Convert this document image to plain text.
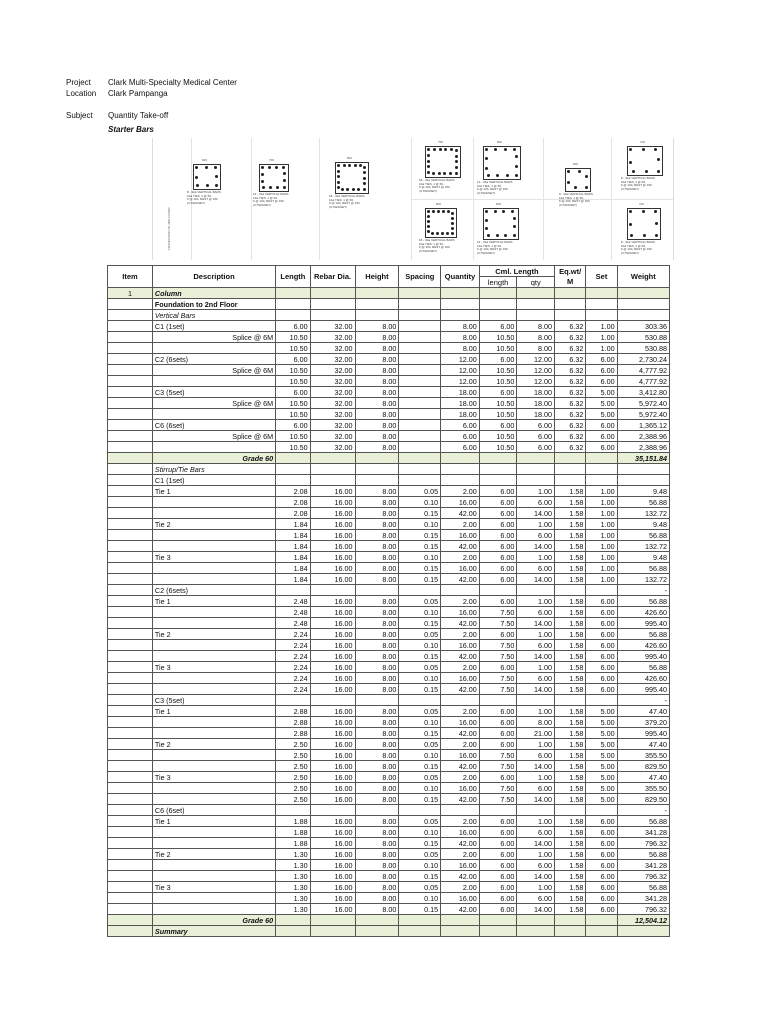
Project Clark Multi-Specialty Medical Center
Location Clark Pampanga
Subject Quantity Take-off
Starter Bars
FOUNDATION TO 2ND FLOOR
600
8 - 32ø VERTICAL BARS
10ø TIES, 1 @ 50,
6 @ 100, REST @ 150
(3-TIES/SET)
700
12 - 32ø VERTICAL BARS
10ø TIES, 1 @ 50,
6 @ 100, REST @ 150
(3-TIES/SET)
800
18 - 32ø VERTICAL BARS
10ø TIES, 1 @ 50,
6 @ 100, REST @ 150
(3-TIES/SET)
750
18 - 32ø VERTICAL BARS
10ø TIES, 1 @ 50,
6 @ 100, REST @ 150
(3-TIES/SET)
800
12 - 32ø VERTICAL BARS
10ø TIES, 1 @ 50,
6 @ 100, REST @ 150
(3-TIES/SET)
500
6 - 32ø VERTICAL BARS
10ø TIES, 1 @ 50,
6 @ 100, REST @ 150
(3-TIES/SET)
700
8 - 32ø VERTICAL BARS
10ø TIES, 1 @ 50,
6 @ 100, REST @ 150
(3-TIES/SET)
800
18 - 32ø VERTICAL BARS
10ø TIES, 1 @ 50,
6 @ 100, REST @ 150
(3-TIES/SET)
800
12 - 32ø VERTICAL BARS
10ø TIES, 1 @ 50,
6 @ 100, REST @ 150
(3-TIES/SET)
700
8 - 32ø VERTICAL BARS
10ø TIES, 1 @ 50,
6 @ 100, REST @ 150
(3-TIES/SET)
Item	Description	Length	Rebar Dia.	Height	Spacing	Quantity	Cml. Length		Eq.wt/
M	Set	Weight
							length	qty			
1	Column										
	Foundation to 2nd Floor										
	Vertical Bars										
	C1 (1set)	6.00	32.00	8.00		8.00	6.00	8.00	6.32	1.00	303.36
	Splice @ 6M	10.50	32.00	8.00		8.00	10.50	8.00	6.32	1.00	530.88
		10.50	32.00	8.00		8.00	10.50	8.00	6.32	1.00	530.88
	C2 (6sets)	6.00	32.00	8.00		12.00	6.00	12.00	6.32	6.00	2,730.24
	Splice @ 6M	10.50	32.00	8.00		12.00	10.50	12.00	6.32	6.00	4,777.92
		10.50	32.00	8.00		12.00	10.50	12.00	6.32	6.00	4,777.92
	C3 (5set)	6.00	32.00	8.00		18.00	6.00	18.00	6.32	5.00	3,412.80
	Splice @ 6M	10.50	32.00	8.00		18.00	10.50	18.00	6.32	5.00	5,972.40
		10.50	32.00	8.00		18.00	10.50	18.00	6.32	5.00	5,972.40
	C6 (6set)	6.00	32.00	8.00		6.00	6.00	6.00	6.32	6.00	1,365.12
	Splice @ 6M	10.50	32.00	8.00		6.00	10.50	6.00	6.32	6.00	2,388.96
		10.50	32.00	8.00		6.00	10.50	6.00	6.32	6.00	2,388.96
	Grade 60										35,151.84
	Stirrup/Tie Bars										
	C1 (1set)										
	Tie 1	2.08	16.00	8.00	0.05	2.00	6.00	1.00	1.58	1.00	9.48
		2.08	16.00	8.00	0.10	16.00	6.00	6.00	1.58	1.00	56.88
		2.08	16.00	8.00	0.15	42.00	6.00	14.00	1.58	1.00	132.72
	Tie 2	1.84	16.00	8.00	0.10	2.00	6.00	1.00	1.58	1.00	9.48
		1.84	16.00	8.00	0.15	16.00	6.00	6.00	1.58	1.00	56.88
		1.84	16.00	8.00	0.15	42.00	6.00	14.00	1.58	1.00	132.72
	Tie 3	1.84	16.00	8.00	0.10	2.00	6.00	1.00	1.58	1.00	9.48
		1.84	16.00	8.00	0.15	16.00	6.00	6.00	1.58	1.00	56.88
		1.84	16.00	8.00	0.15	42.00	6.00	14.00	1.58	1.00	132.72
	C2 (6sets)										-
	Tie 1	2.48	16.00	8.00	0.05	2.00	6.00	1.00	1.58	6.00	56.88
		2.48	16.00	8.00	0.10	16.00	7.50	6.00	1.58	6.00	426.60
		2.48	16.00	8.00	0.15	42.00	7.50	14.00	1.58	6.00	995.40
	Tie 2	2.24	16.00	8.00	0.05	2.00	6.00	1.00	1.58	6.00	56.88
		2.24	16.00	8.00	0.10	16.00	7.50	6.00	1.58	6.00	426.60
		2.24	16.00	8.00	0.15	42.00	7.50	14.00	1.58	6.00	995.40
	Tie 3	2.24	16.00	8.00	0.05	2.00	6.00	1.00	1.58	6.00	56.88
		2.24	16.00	8.00	0.10	16.00	7.50	6.00	1.58	6.00	426.60
		2.24	16.00	8.00	0.15	42.00	7.50	14.00	1.58	6.00	995.40
	C3 (5set)										-
	Tie 1	2.88	16.00	8.00	0.05	2.00	6.00	1.00	1.58	5.00	47.40
		2.88	16.00	8.00	0.10	16.00	6.00	8.00	1.58	5.00	379.20
		2.88	16.00	8.00	0.15	42.00	6.00	21.00	1.58	5.00	995.40
	Tie 2	2.50	16.00	8.00	0.05	2.00	6.00	1.00	1.58	5.00	47.40
		2.50	16.00	8.00	0.10	16.00	7.50	6.00	1.58	5.00	355.50
		2.50	16.00	8.00	0.15	42.00	7.50	14.00	1.58	5.00	829.50
	Tie 3	2.50	16.00	8.00	0.05	2.00	6.00	1.00	1.58	5.00	47.40
		2.50	16.00	8.00	0.10	16.00	7.50	6.00	1.58	5.00	355.50
		2.50	16.00	8.00	0.15	42.00	7.50	14.00	1.58	5.00	829.50
	C6 (6set)										-
	Tie 1	1.88	16.00	8.00	0.05	2.00	6.00	1.00	1.58	6.00	56.88
		1.88	16.00	8.00	0.10	16.00	6.00	6.00	1.58	6.00	341.28
		1.88	16.00	8.00	0.15	42.00	6.00	14.00	1.58	6.00	796.32
	Tie 2	1.30	16.00	8.00	0.05	2.00	6.00	1.00	1.58	6.00	56.88
		1.30	16.00	8.00	0.10	16.00	6.00	6.00	1.58	6.00	341.28
		1.30	16.00	8.00	0.15	42.00	6.00	14.00	1.58	6.00	796.32
	Tie 3	1.30	16.00	8.00	0.05	2.00	6.00	1.00	1.58	6.00	56.88
		1.30	16.00	8.00	0.10	16.00	6.00	6.00	1.58	6.00	341.28
		1.30	16.00	8.00	0.15	42.00	6.00	14.00	1.58	6.00	796.32
	Grade 60										12,504.12
	Summary										
